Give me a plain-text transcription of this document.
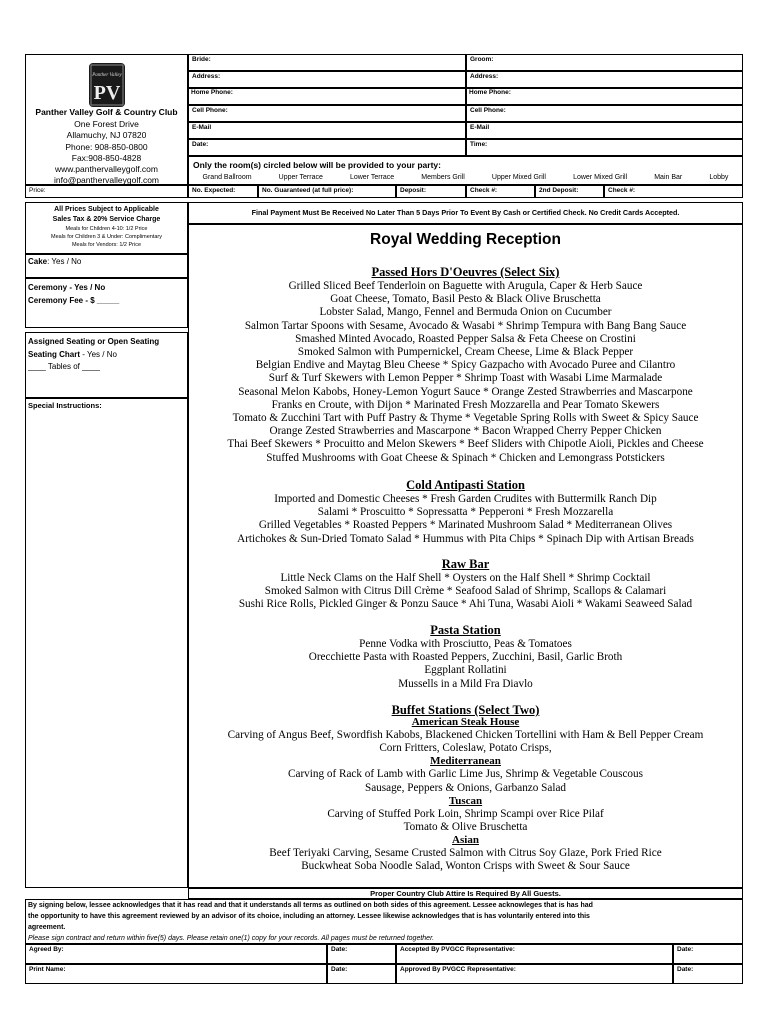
Panther Valley
PV
Panther Valley Golf & Country Club
One Forest Drive
Allamuchy, NJ 07820
Phone: 908-850-0800
Fax:908-850-4828
www.panthervalleygolf.com
info@panthervalleygolf.com
Price:
All Prices Subject to Applicable
Sales Tax & 20% Service Charge
Meals for Children 4-10: 1/2 Price
Meals for Children 3 & Under: Complimentary
Meals for Vendors: 1/2 Price
Cake: Yes / No
Ceremony - Yes / No
Ceremony Fee - $ _____
Assigned Seating or Open Seating
Seating Chart - Yes / No
____ Tables of ____
Special Instructions:
Bride:	Groom:
Address:	Address:
Home Phone:	Home Phone:
Cell Phone:	Cell Phone:
E-Mail	E-Mail
Date:	Time:
Only the room(s) circled below will be provided to your party:
Grand Ballroom	Upper Terrace	Lower Terrace	Members Grill	Upper Mixed Grill	Lower Mixed Grill	Main Bar	Lobby
No. Expected:	No. Guaranteed (at full price):	Deposit:	Check #:	2nd Deposit:	Check #:
Final Payment Must Be Received No Later Than 5 Days Prior To Event By Cash or Certified Check. No Credit Cards Accepted.
Royal Wedding Reception
Passed Hors D'Oeuvres (Select Six)
Grilled Sliced Beef Tenderloin on Baguette with Arugula, Caper & Herb Sauce
Goat Cheese, Tomato, Basil Pesto & Black Olive Bruschetta
Lobster Salad, Mango, Fennel and Bermuda Onion on Cucumber
Salmon Tartar Spoons with Sesame, Avocado & Wasabi * Shrimp Tempura with Bang Bang Sauce
Smashed Minted Avocado, Roasted Pepper Salsa & Feta Cheese on Crostini
Smoked Salmon with Pumpernickel, Cream Cheese, Lime & Black Pepper
Belgian Endive and Maytag Bleu Cheese * Spicy Gazpacho with Avocado Puree and Cilantro
Surf & Turf Skewers with Lemon Pepper * Shrimp Toast with Wasabi Lime Marmalade
Seasonal Melon Kabobs, Honey-Lemon Yogurt Sauce * Orange Zested Strawberries and Mascarpone
Franks en Croute, with Dijon * Marinated Fresh Mozzarella and Pear Tomato Skewers
Tomato & Zucchini Tart with Puff Pastry & Thyme * Vegetable Spring Rolls with Sweet & Spicy Sauce
Orange Zested Strawberries and Mascarpone * Bacon Wrapped Cherry Pepper Chicken
Thai Beef Skewers * Procuitto and Melon Skewers * Beef Sliders with Chipotle Aioli, Pickles and Cheese
Stuffed Mushrooms with Goat Cheese & Spinach * Chicken and Lemongrass Potstickers
Cold Antipasti Station
Imported and Domestic Cheeses * Fresh Garden Crudites with Buttermilk Ranch Dip
Salami * Proscuitto * Sopressatta * Pepperoni * Fresh Mozzarella
Grilled Vegetables * Roasted Peppers * Marinated Mushroom Salad * Mediterranean Olives
Artichokes & Sun-Dried Tomato Salad * Hummus with Pita Chips * Spinach Dip with Artisan Breads
Raw Bar
Little Neck Clams on the Half Shell * Oysters on the Half Shell * Shrimp Cocktail
Smoked Salmon with Citrus Dill Crème * Seafood Salad of Shrimp, Scallops & Calamari
Sushi Rice Rolls, Pickled Ginger & Ponzu Sauce * Ahi Tuna, Wasabi Aioli * Wakami Seaweed Salad
Pasta Station
Penne Vodka with Prosciutto, Peas & Tomatoes
Orecchiette Pasta with Roasted Peppers, Zucchini, Basil, Garlic Broth
Eggplant Rollatini
Mussells in a Mild Fra Diavlo
Buffet Stations (Select Two)
American Steak House
Carving of Angus Beef, Swordfish Kabobs, Blackened Chicken Tortellini with Ham & Bell Pepper Cream
Corn Fritters, Coleslaw, Potato Crisps,
Mediterranean
Carving of Rack of Lamb with Garlic Lime Jus, Shrimp & Vegetable Couscous
Sausage, Peppers & Onions, Garbanzo Salad
Tuscan
Carving of Stuffed Pork Loin, Shrimp Scampi over Rice Pilaf
Tomato & Olive Bruschetta
Asian
Beef Teriyaki Carving, Sesame Crusted Salmon with Citrus Soy Glaze, Pork Fried Rice
Buckwheat Soba Noodle Salad, Wonton Crisps with Sweet & Sour Sauce
Proper Country Club Attire Is Required By All Guests.
By signing below, lessee acknowledges that it has read and that it understands all terms as outlined on both sides of this agreement. Lessee acknowleges that is has had
the opportunity to have this agreement reviewed by an advisor of its choice, including an attorney. Lessee likewise acknowledges that is has voluntarily entered into this
agreement.
Please sign contract and return within five(5) days. Please retain one(1) copy for your records. All pages must be returned together.
Agreed By:	Date:	Accepted By PVGCC Representative:	Date:
Print Name:	Date:	Approved By PVGCC Representative:	Date:
